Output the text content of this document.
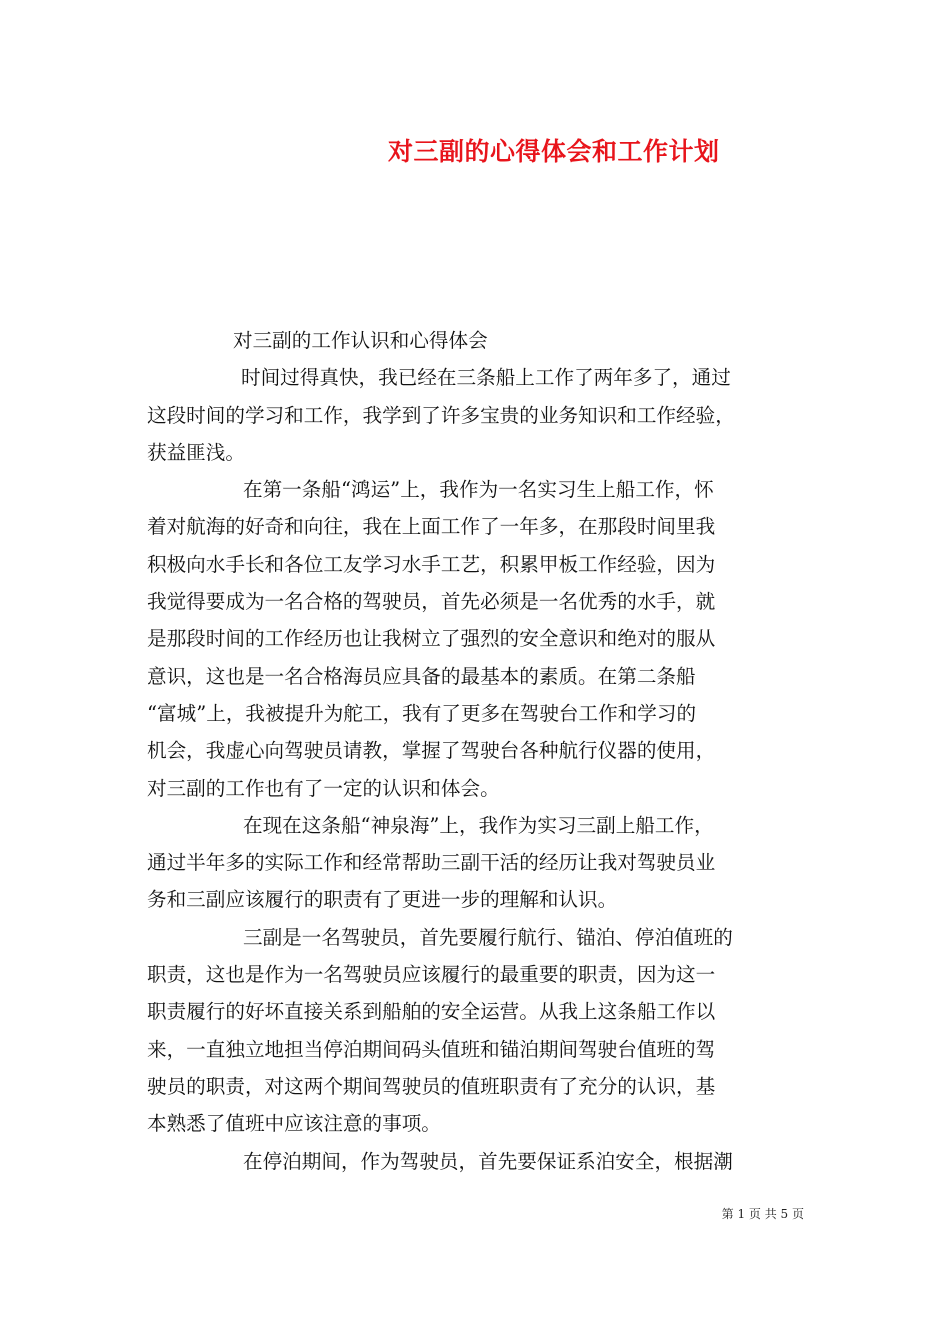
对三副的心得体会和工作计划
对三副的工作认识和心得体会
时间过得真快，我已经在三条船上工作了两年多了，通过
这段时间的学习和工作，我学到了许多宝贵的业务知识和工作经验，
获益匪浅。
在第一条船“鸿运”上，我作为一名实习生上船工作，怀
着对航海的好奇和向往，我在上面工作了一年多，在那段时间里我
积极向水手长和各位工友学习水手工艺，积累甲板工作经验，因为
我觉得要成为一名合格的驾驶员，首先必须是一名优秀的水手，就
是那段时间的工作经历也让我树立了强烈的安全意识和绝对的服从
意识，这也是一名合格海员应具备的最基本的素质。在第二条船
“富城”上，我被提升为舵工，我有了更多在驾驶台工作和学习的
机会，我虚心向驾驶员请教，掌握了驾驶台各种航行仪器的使用，
对三副的工作也有了一定的认识和体会。
在现在这条船“神泉海”上，我作为实习三副上船工作，
通过半年多的实际工作和经常帮助三副干活的经历让我对驾驶员业
务和三副应该履行的职责有了更进一步的理解和认识。
三副是一名驾驶员，首先要履行航行、锚泊、停泊值班的
职责，这也是作为一名驾驶员应该履行的最重要的职责，因为这一
职责履行的好坏直接关系到船舶的安全运营。从我上这条船工作以
来，一直独立地担当停泊期间码头值班和锚泊期间驾驶台值班的驾
驶员的职责，对这两个期间驾驶员的值班职责有了充分的认识，基
本熟悉了值班中应该注意的事项。
在停泊期间，作为驾驶员，首先要保证系泊安全，根据潮
第 1 页 共 5 页
